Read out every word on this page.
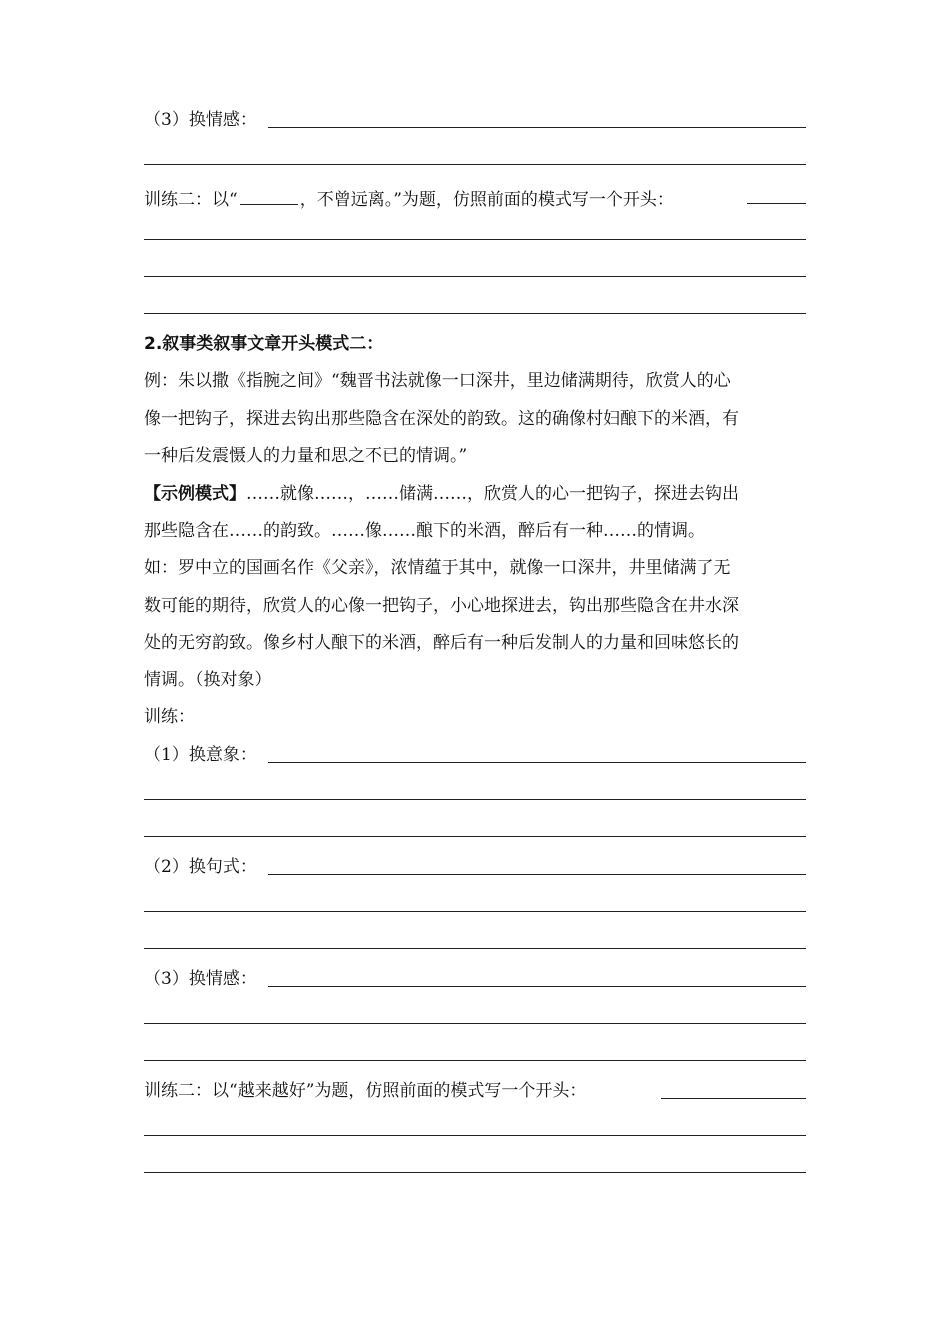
（3）换情感：
训练二：以“	，不曾远离。”为题，仿照前面的模式写一个开头：
2.叙事类叙事文章开头模式二：
例：朱以撒《指腕之间》“魏晋书法就像一口深井，里边储满期待，欣赏人的心
像一把钩子，探进去钩出那些隐含在深处的韵致。这的确像村妇酿下的米酒，有
一种后发震慑人的力量和思之不已的情调。”
【示例模式】……就像……，……储满……，欣赏人的心一把钩子，探进去钩出
那些隐含在……的韵致。……像……酿下的米酒，醉后有一种……的情调。
如：罗中立的国画名作《父亲》，浓情蕴于其中，就像一口深井，井里储满了无
数可能的期待，欣赏人的心像一把钩子，小心地探进去，钩出那些隐含在井水深
处的无穷韵致。像乡村人酿下的米酒，醉后有一种后发制人的力量和回味悠长的
情调。（换对象）
训练：
（1）换意象：
（2）换句式：
（3）换情感：
训练二：以“越来越好”为题，仿照前面的模式写一个开头：
